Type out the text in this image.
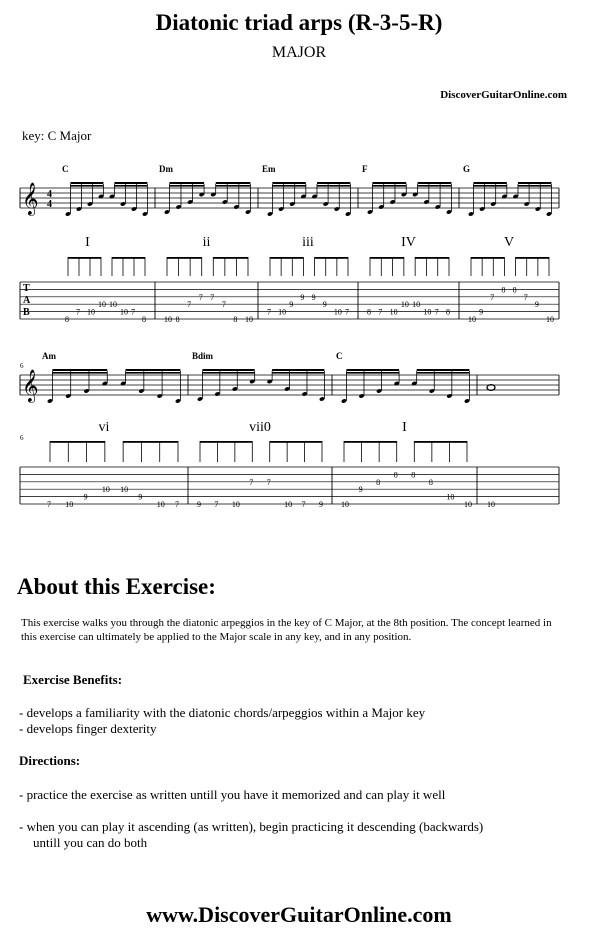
Diatonic triad arps (R-3-5-R)
MAJOR
DiscoverGuitarOnline.com
key: C Major
𝄞 4
4
T
A
B
C
I
8
7 10
10 10
10 7
8
Dm
ii
10 8
7
7 7
7
8 10
Em
iii
7 10
9
9 9
9
10 7
F
IV
8 7 10
10 10
10 7 8
G
V
10
9
7
8 8
7
9
10
𝄞
6
6
Am
vi
7 10
9
10 10
9
10 7
Bdim
vii0
9 7 10
7 7
10 7 9
C
I
10
9
8
8 8
8
10
10 10
About this Exercise:
This exercise walks you through the diatonic arpeggios in the key of C Major, at the 8th position. The concept learned in this exercise can ultimately be applied to the Major scale in any key, and in any position.
Exercise Benefits:
- develops a familiarity with the diatonic chords/arpeggios within a Major key
- develops finger dexterity
Directions:
- practice the exercise as written untill you have it memorized and can play it well
- when you can play it ascending (as written), begin practicing it descending (backwards)
untill you can do both
www.DiscoverGuitarOnline.com
